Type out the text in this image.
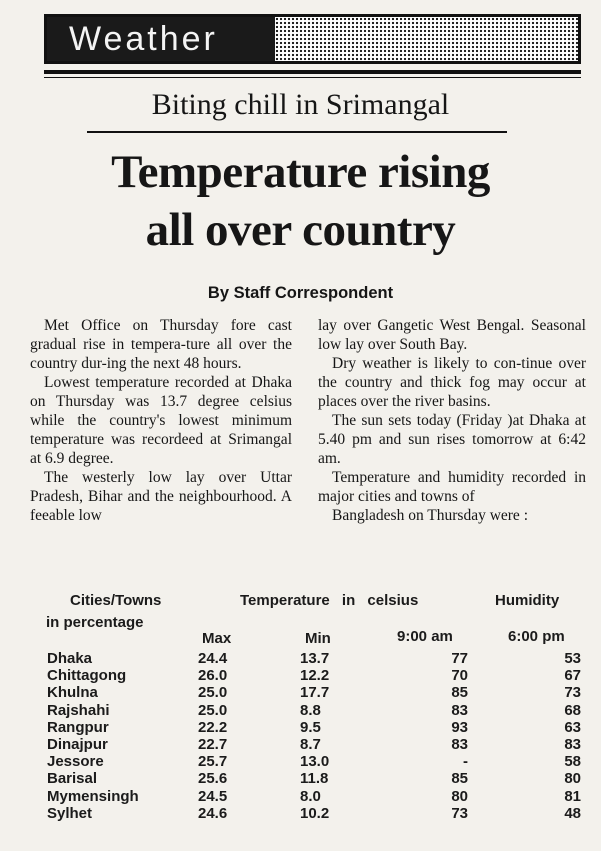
Weather
Biting chill in Srimangal
Temperature rising
all over country
By Staff Correspondent

Met Office on Thursday fore cast gradual rise in tempera-ture all over the country dur-ing the next 48 hours.

Lowest temperature recorded at Dhaka on Thursday was 13.7 degree celsius while the country's lowest minimum temperature was recordeed at Srimangal at 6.9 degree.

The westerly low lay over Uttar Pradesh, Bihar and the neighbourhood. A feeable low

lay over Gangetic West Bengal. Seasonal low lay over South Bay.

Dry weather is likely to con-tinue over the country and thick fog may occur at places over the river basins.

The sun sets today (Friday )at Dhaka at 5.40 pm and sun rises tomorrow at 6:42 am.

Temperature and humidity recorded in major cities and towns of

Bangladesh on Thursday were :

Cities/Towns
in percentage
Temperature in celsius	Humidity
Max	Min	9:00 am	6:00 pm
Dhaka	24.4	13.7	77	53
Chittagong	26.0	12.2	70	67
Khulna	25.0	17.7	85	73
Rajshahi	25.0	8.8	83	68
Rangpur	22.2	9.5	93	63
Dinajpur	22.7	8.7	83	83
Jessore	25.7	13.0	-	58
Barisal	25.6	11.8	85	80
Mymensingh	24.5	8.0	80	81
Sylhet	24.6	10.2	73	48
